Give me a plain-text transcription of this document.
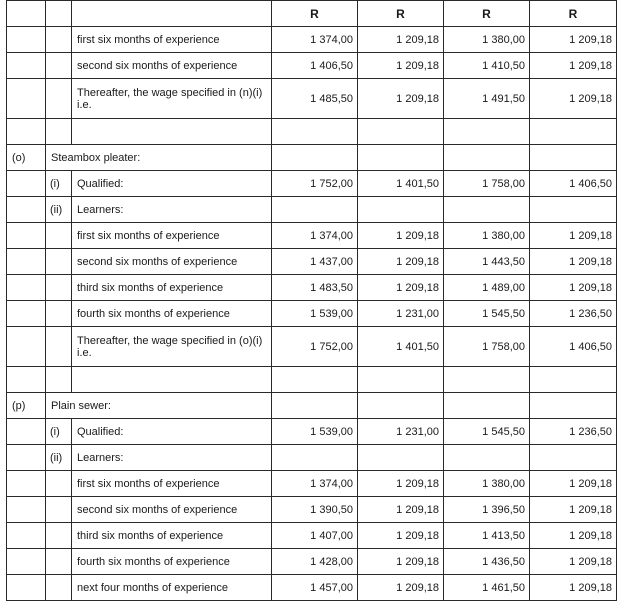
			R	R	R	R
		first six months of experience	1 374,00	1 209,18	1 380,00	1 209,18
		second six months of experience	1 406,50	1 209,18	1 410,50	1 209,18
		Thereafter, the wage specified in (n)(i) i.e.	1 485,50	1 209,18	1 491,50	1 209,18

(o)	Steambox pleater:					
	(i)	Qualified:	1 752,00	1 401,50	1 758,00	1 406,50
	(ii)	Learners:				
		first six months of experience	1 374,00	1 209,18	1 380,00	1 209,18
		second six months of experience	1 437,00	1 209,18	1 443,50	1 209,18
		third six months of experience	1 483,50	1 209,18	1 489,00	1 209,18
		fourth six months of experience	1 539,00	1 231,00	1 545,50	1 236,50
		Thereafter, the wage specified in (o)(i) i.e.	1 752,00	1 401,50	1 758,00	1 406,50

(p)	Plain sewer:					
	(i)	Qualified:	1 539,00	1 231,00	1 545,50	1 236,50
	(ii)	Learners:				
		first six months of experience	1 374,00	1 209,18	1 380,00	1 209,18
		second six months of experience	1 390,50	1 209,18	1 396,50	1 209,18
		third six months of experience	1 407,00	1 209,18	1 413,50	1 209,18
		fourth six months of experience	1 428,00	1 209,18	1 436,50	1 209,18
		next four months of experience	1 457,00	1 209,18	1 461,50	1 209,18
